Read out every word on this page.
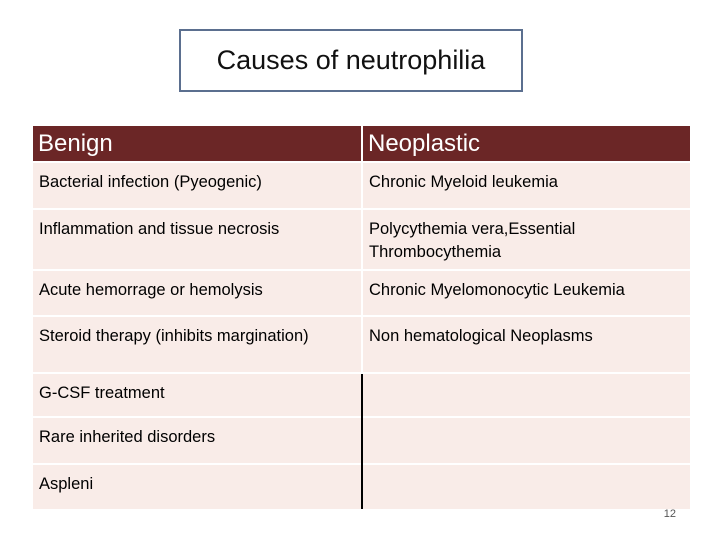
Causes of neutrophilia
Benign	Neoplastic
Bacterial infection (Pyeogenic)	Chronic Myeloid leukemia
Inflammation and tissue necrosis	Polycythemia vera,Essential Thrombocythemia
Acute hemorrage or hemolysis	Chronic Myelomonocytic Leukemia
Steroid therapy (inhibits margination)	Non hematological Neoplasms
G-CSF treatment	
Rare inherited disorders	
Aspleni	
12
